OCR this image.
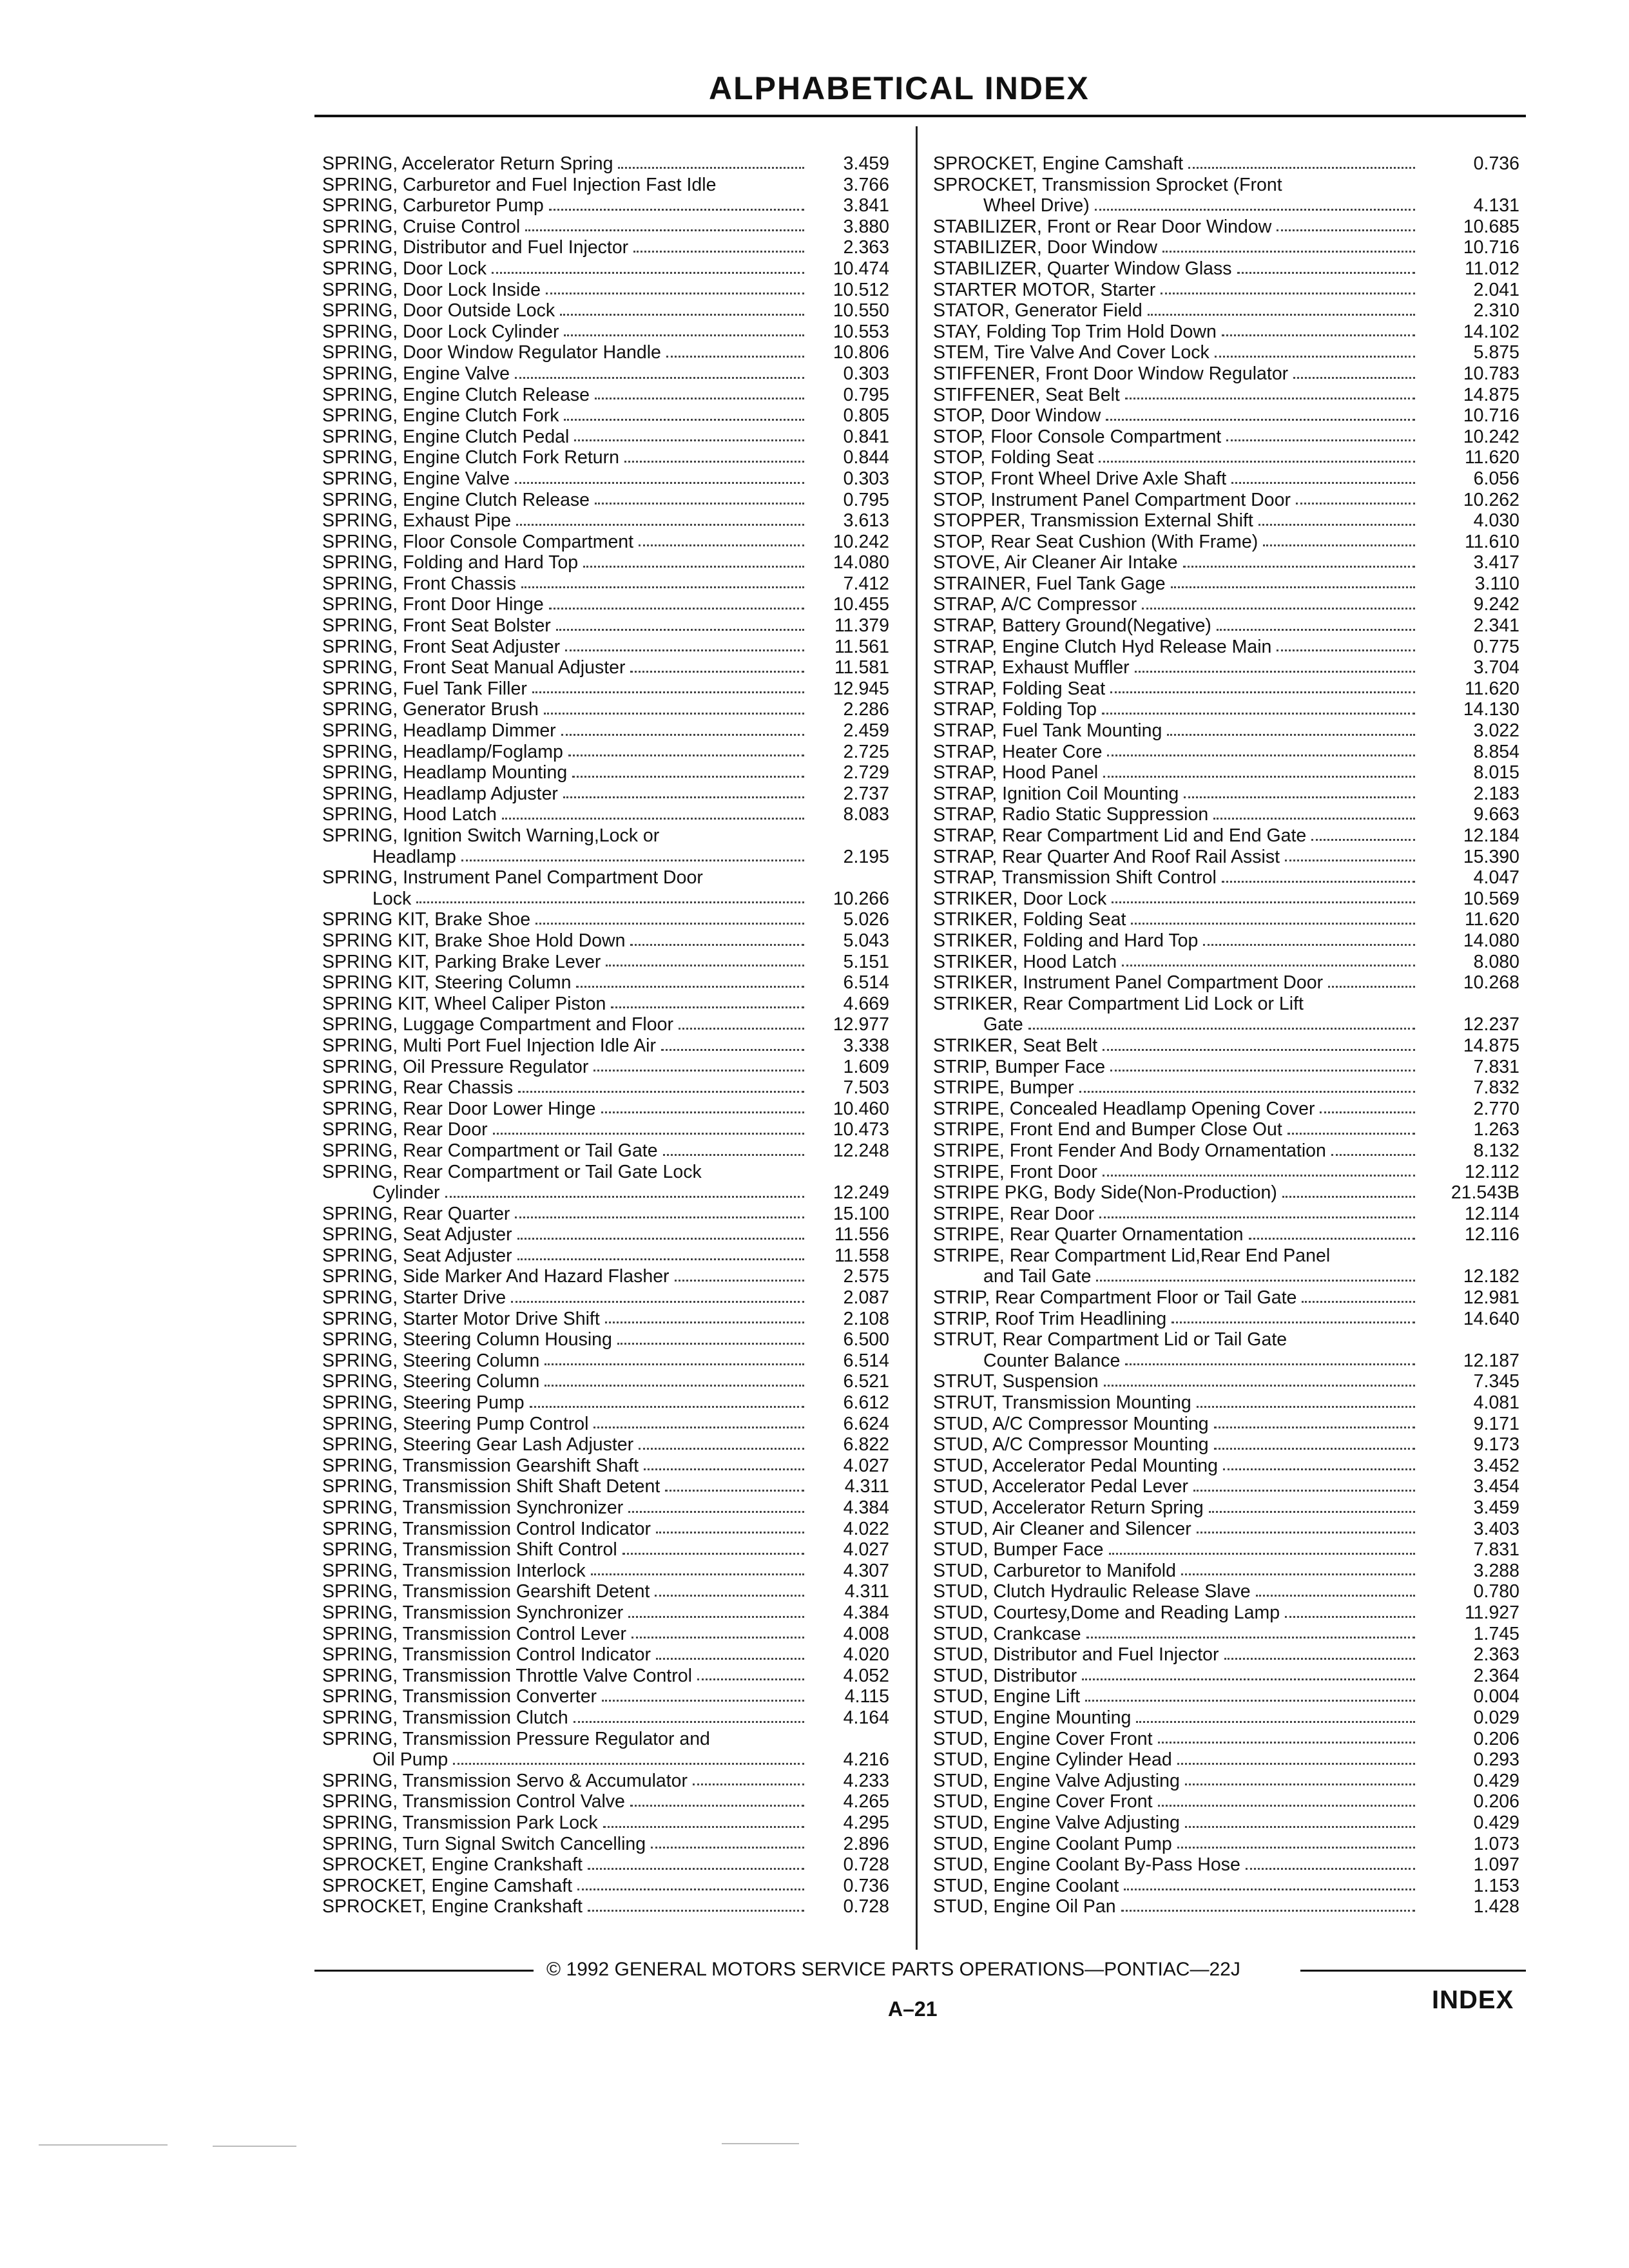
ALPHABETICAL INDEX
SPRING, Accelerator Return Spring	3.459
SPRING, Carburetor and Fuel Injection Fast Idle	3.766
SPRING, Carburetor Pump	3.841
SPRING, Cruise Control	3.880
SPRING, Distributor and Fuel Injector	2.363
SPRING, Door Lock	10.474
SPRING, Door Lock Inside	10.512
SPRING, Door Outside Lock	10.550
SPRING, Door Lock Cylinder	10.553
SPRING, Door Window Regulator Handle	10.806
SPRING, Engine Valve	0.303
SPRING, Engine Clutch Release	0.795
SPRING, Engine Clutch Fork	0.805
SPRING, Engine Clutch Pedal	0.841
SPRING, Engine Clutch Fork Return	0.844
SPRING, Engine Valve	0.303
SPRING, Engine Clutch Release	0.795
SPRING, Exhaust Pipe	3.613
SPRING, Floor Console Compartment	10.242
SPRING, Folding and Hard Top	14.080
SPRING, Front Chassis	7.412
SPRING, Front Door Hinge	10.455
SPRING, Front Seat Bolster	11.379
SPRING, Front Seat Adjuster	11.561
SPRING, Front Seat Manual Adjuster	11.581
SPRING, Fuel Tank Filler	12.945
SPRING, Generator Brush	2.286
SPRING, Headlamp Dimmer	2.459
SPRING, Headlamp/Foglamp	2.725
SPRING, Headlamp Mounting	2.729
SPRING, Headlamp Adjuster	2.737
SPRING, Hood Latch	8.083
SPRING, Ignition Switch Warning,Lock or
Headlamp	2.195
SPRING, Instrument Panel Compartment Door
Lock	10.266
SPRING KIT, Brake Shoe	5.026
SPRING KIT, Brake Shoe Hold Down	5.043
SPRING KIT, Parking Brake Lever	5.151
SPRING KIT, Steering Column	6.514
SPRING KIT, Wheel Caliper Piston	4.669
SPRING, Luggage Compartment and Floor	12.977
SPRING, Multi Port Fuel Injection Idle Air	3.338
SPRING, Oil Pressure Regulator	1.609
SPRING, Rear Chassis	7.503
SPRING, Rear Door Lower Hinge	10.460
SPRING, Rear Door	10.473
SPRING, Rear Compartment or Tail Gate	12.248
SPRING, Rear Compartment or Tail Gate Lock
Cylinder	12.249
SPRING, Rear Quarter	15.100
SPRING, Seat Adjuster	11.556
SPRING, Seat Adjuster	11.558
SPRING, Side Marker And Hazard Flasher	2.575
SPRING, Starter Drive	2.087
SPRING, Starter Motor Drive Shift	2.108
SPRING, Steering Column Housing	6.500
SPRING, Steering Column	6.514
SPRING, Steering Column	6.521
SPRING, Steering Pump	6.612
SPRING, Steering Pump Control	6.624
SPRING, Steering Gear Lash Adjuster	6.822
SPRING, Transmission Gearshift Shaft	4.027
SPRING, Transmission Shift Shaft Detent	4.311
SPRING, Transmission Synchronizer	4.384
SPRING, Transmission Control Indicator	4.022
SPRING, Transmission Shift Control	4.027
SPRING, Transmission Interlock	4.307
SPRING, Transmission Gearshift Detent	4.311
SPRING, Transmission Synchronizer	4.384
SPRING, Transmission Control Lever	4.008
SPRING, Transmission Control Indicator	4.020
SPRING, Transmission Throttle Valve Control	4.052
SPRING, Transmission Converter	4.115
SPRING, Transmission Clutch	4.164
SPRING, Transmission Pressure Regulator and
Oil Pump	4.216
SPRING, Transmission Servo & Accumulator	4.233
SPRING, Transmission Control Valve	4.265
SPRING, Transmission Park Lock	4.295
SPRING, Turn Signal Switch Cancelling	2.896
SPROCKET, Engine Crankshaft	0.728
SPROCKET, Engine Camshaft	0.736
SPROCKET, Engine Crankshaft	0.728
SPROCKET, Engine Camshaft	0.736
SPROCKET, Transmission Sprocket (Front
Wheel Drive)	4.131
STABILIZER, Front or Rear Door Window	10.685
STABILIZER, Door Window	10.716
STABILIZER, Quarter Window Glass	11.012
STARTER MOTOR, Starter	2.041
STATOR, Generator Field	2.310
STAY, Folding Top Trim Hold Down	14.102
STEM, Tire Valve And Cover Lock	5.875
STIFFENER, Front Door Window Regulator	10.783
STIFFENER, Seat Belt	14.875
STOP, Door Window	10.716
STOP, Floor Console Compartment	10.242
STOP, Folding Seat	11.620
STOP, Front Wheel Drive Axle Shaft	6.056
STOP, Instrument Panel Compartment Door	10.262
STOPPER, Transmission External Shift	4.030
STOP, Rear Seat Cushion (With Frame)	11.610
STOVE, Air Cleaner Air Intake	3.417
STRAINER, Fuel Tank Gage	3.110
STRAP, A/C Compressor	9.242
STRAP, Battery Ground(Negative)	2.341
STRAP, Engine Clutch Hyd Release Main	0.775
STRAP, Exhaust Muffler	3.704
STRAP, Folding Seat	11.620
STRAP, Folding Top	14.130
STRAP, Fuel Tank Mounting	3.022
STRAP, Heater Core	8.854
STRAP, Hood Panel	8.015
STRAP, Ignition Coil Mounting	2.183
STRAP, Radio Static Suppression	9.663
STRAP, Rear Compartment Lid and End Gate	12.184
STRAP, Rear Quarter And Roof Rail Assist	15.390
STRAP, Transmission Shift Control	4.047
STRIKER, Door Lock	10.569
STRIKER, Folding Seat	11.620
STRIKER, Folding and Hard Top	14.080
STRIKER, Hood Latch	8.080
STRIKER, Instrument Panel Compartment Door	10.268
STRIKER, Rear Compartment Lid Lock or Lift
Gate	12.237
STRIKER, Seat Belt	14.875
STRIP, Bumper Face	7.831
STRIPE, Bumper	7.832
STRIPE, Concealed Headlamp Opening Cover	2.770
STRIPE, Front End and Bumper Close Out	1.263
STRIPE, Front Fender And Body Ornamentation	8.132
STRIPE, Front Door	12.112
STRIPE PKG, Body Side(Non-Production)	21.543B
STRIPE, Rear Door	12.114
STRIPE, Rear Quarter Ornamentation	12.116
STRIPE, Rear Compartment Lid,Rear End Panel
and Tail Gate	12.182
STRIP, Rear Compartment Floor or Tail Gate	12.981
STRIP, Roof Trim Headlining	14.640
STRUT, Rear Compartment Lid or Tail Gate
Counter Balance	12.187
STRUT, Suspension	7.345
STRUT, Transmission Mounting	4.081
STUD, A/C Compressor Mounting	9.171
STUD, A/C Compressor Mounting	9.173
STUD, Accelerator Pedal Mounting	3.452
STUD, Accelerator Pedal Lever	3.454
STUD, Accelerator Return Spring	3.459
STUD, Air Cleaner and Silencer	3.403
STUD, Bumper Face	7.831
STUD, Carburetor to Manifold	3.288
STUD, Clutch Hydraulic Release Slave	0.780
STUD, Courtesy,Dome and Reading Lamp	11.927
STUD, Crankcase	1.745
STUD, Distributor and Fuel Injector	2.363
STUD, Distributor	2.364
STUD, Engine Lift	0.004
STUD, Engine Mounting	0.029
STUD, Engine Cover Front	0.206
STUD, Engine Cylinder Head	0.293
STUD, Engine Valve Adjusting	0.429
STUD, Engine Cover Front	0.206
STUD, Engine Valve Adjusting	0.429
STUD, Engine Coolant Pump	1.073
STUD, Engine Coolant By-Pass Hose	1.097
STUD, Engine Coolant	1.153
STUD, Engine Oil Pan	1.428
© 1992 GENERAL MOTORS SERVICE PARTS OPERATIONS—PONTIAC—22J
A–21	INDEX
